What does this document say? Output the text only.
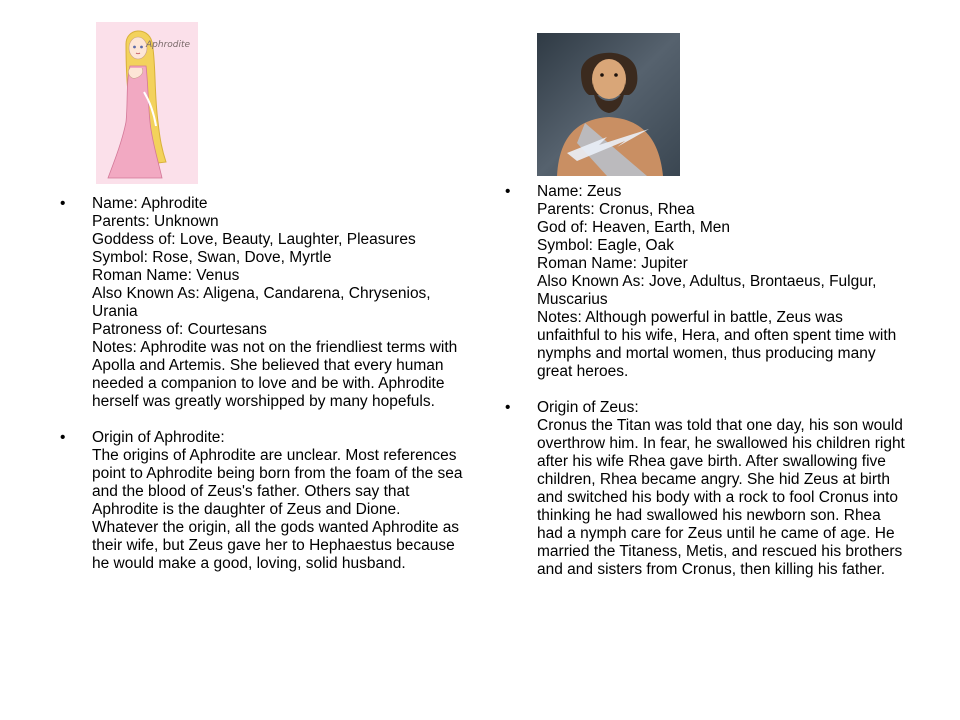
Aphrodite
• Name: Aphrodite
Parents: Unknown
Goddess of: Love, Beauty, Laughter, Pleasures
Symbol: Rose, Swan, Dove, Myrtle
Roman Name: Venus
Also Known As: Aligena, Candarena, Chrysenios, Urania
Patroness of: Courtesans
Notes: Aphrodite was not on the friendliest terms with Apolla and Artemis. She believed that every human needed a companion to love and be with. Aphrodite herself was greatly worshipped by many hopefuls.
• Origin of Aphrodite:
The origins of Aphrodite are unclear. Most references point to Aphrodite being born from the foam of the sea and the blood of Zeus's father. Others say that Aphrodite is the daughter of Zeus and Dione. Whatever the origin, all the gods wanted Aphrodite as their wife, but Zeus gave her to Hephaestus because he would make a good, loving, solid husband.
• Name: Zeus
Parents: Cronus, Rhea
God of: Heaven, Earth, Men
Symbol: Eagle, Oak
Roman Name: Jupiter
Also Known As: Jove, Adultus, Brontaeus, Fulgur, Muscarius
Notes: Although powerful in battle, Zeus was unfaithful to his wife, Hera, and often spent time with nymphs and mortal women, thus producing many great heroes.
• Origin of Zeus:
Cronus the Titan was told that one day, his son would overthrow him. In fear, he swallowed his children right after his wife Rhea gave birth. After swallowing five children, Rhea became angry. She hid Zeus at birth and switched his body with a rock to fool Cronus into thinking he had swallowed his newborn son. Rhea had a nymph care for Zeus until he came of age. He married the Titaness, Metis, and rescued his brothers and and sisters from Cronus, then killing his father.
